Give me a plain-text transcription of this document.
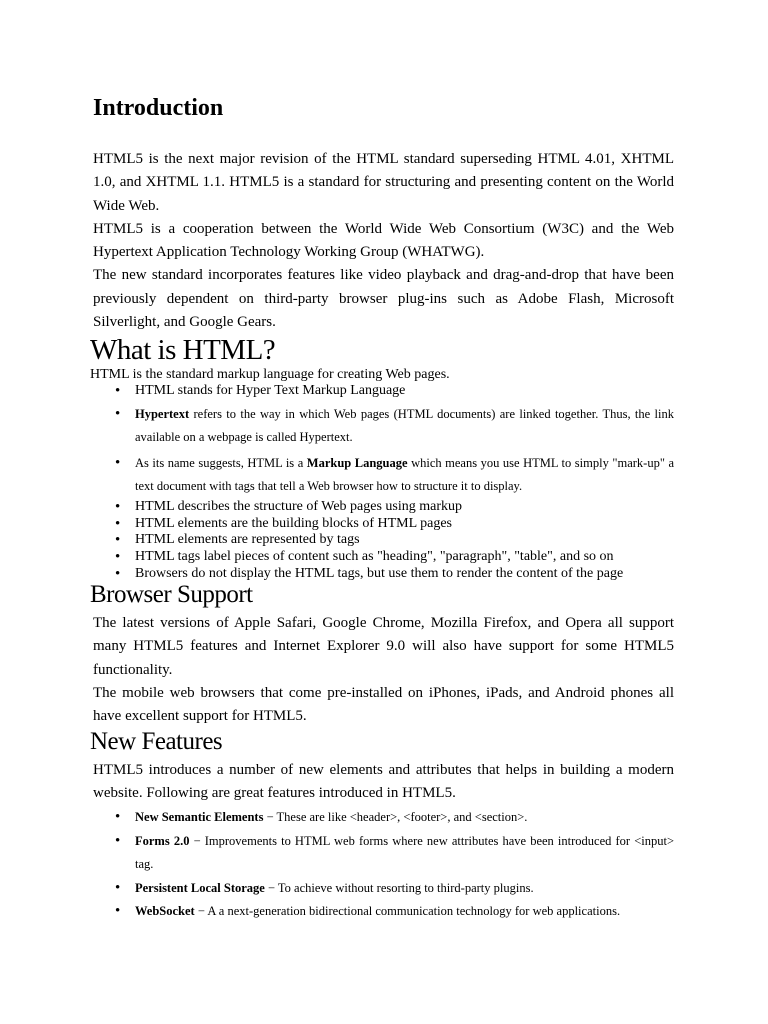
Introduction

HTML5 is the next major revision of the HTML standard superseding HTML 4.01, XHTML 1.0, and XHTML 1.1. HTML5 is a standard for structuring and presenting content on the World Wide Web.

HTML5 is a cooperation between the World Wide Web Consortium (W3C) and the Web Hypertext Application Technology Working Group (WHATWG).

The new standard incorporates features like video playback and drag-and-drop that have been previously dependent on third-party browser plug-ins such as Adobe Flash, Microsoft Silverlight, and Google Gears.

What is HTML?

HTML is the standard markup language for creating Web pages.

• HTML stands for Hyper Text Markup Language
• Hypertext refers to the way in which Web pages (HTML documents) are linked together. Thus, the link available on a webpage is called Hypertext.
• As its name suggests, HTML is a Markup Language which means you use HTML to simply "mark-up" a text document with tags that tell a Web browser how to structure it to display.
• HTML describes the structure of Web pages using markup
• HTML elements are the building blocks of HTML pages
• HTML elements are represented by tags
• HTML tags label pieces of content such as "heading", "paragraph", "table", and so on
• Browsers do not display the HTML tags, but use them to render the content of the page
Browser Support

The latest versions of Apple Safari, Google Chrome, Mozilla Firefox, and Opera all support many HTML5 features and Internet Explorer 9.0 will also have support for some HTML5 functionality.

The mobile web browsers that come pre-installed on iPhones, iPads, and Android phones all have excellent support for HTML5.

New Features

HTML5 introduces a number of new elements and attributes that helps in building a modern website. Following are great features introduced in HTML5.

• New Semantic Elements − These are like <header>, <footer>, and <section>.
• Forms 2.0 − Improvements to HTML web forms where new attributes have been introduced for <input> tag.
• Persistent Local Storage − To achieve without resorting to third-party plugins.
• WebSocket − A a next-generation bidirectional communication technology for web applications.
